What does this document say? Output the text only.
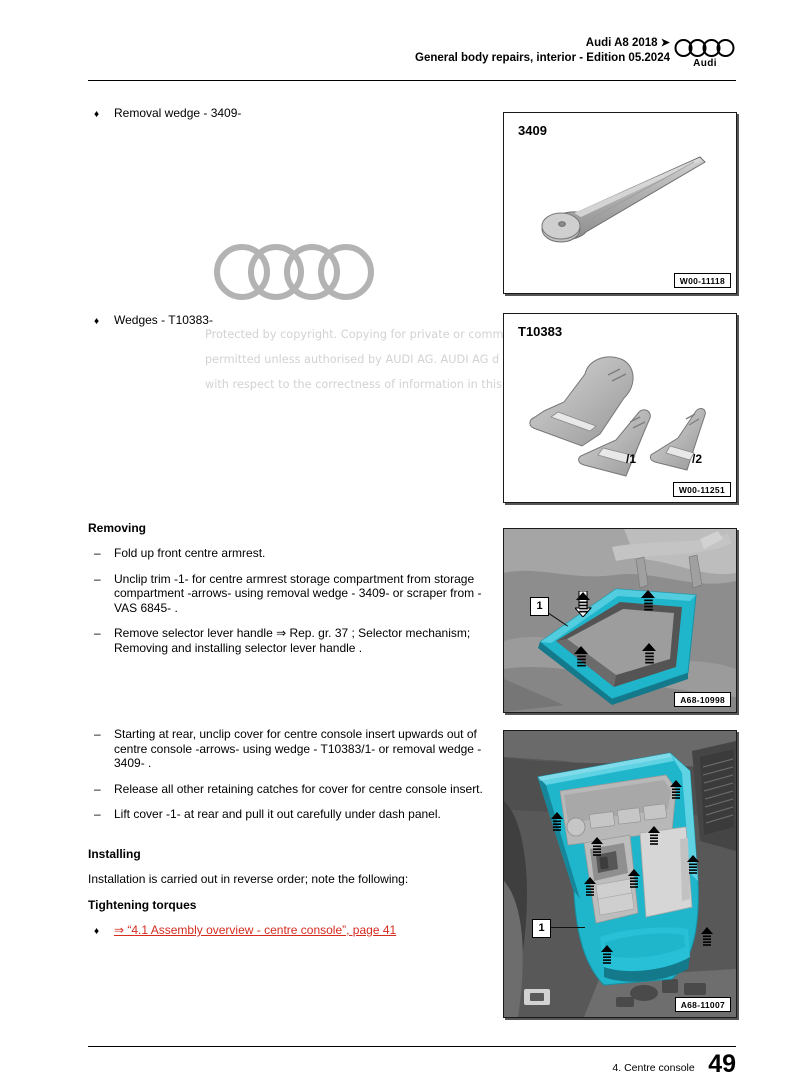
Audi A8 2018 ➤
General body repairs, interior - Edition 05.2024	Audi
♦ Removal wedge - 3409-
♦ Wedges - T10383-
Removing
– Fold up front centre armrest.
– Unclip trim -1- for centre armrest storage compartment from storage compartment -arrows- using removal wedge - 3409- or scraper from -VAS 6845- .
– Remove selector lever handle ⇒ Rep. gr. 37 ; Selector mechanism; Removing and installing selector lever handle .
– Starting at rear, unclip cover for centre console insert upwards out of centre console -arrows- using wedge - T10383/1- or removal wedge - 3409- .
– Release all other retaining catches for cover for centre console insert.
– Lift cover -1- at rear and pull it out carefully under dash panel.
Installing
Installation is carried out in reverse order; note the following:
Tightening torques
♦ ⇒ “4.1 Assembly overview - centre console”, page 41
Protected by copyright. Copying for private or comm
permitted unless authorised by AUDI AG. AUDI AG d
with respect to the correctness of information in this
3409
W00-11118
T10383
/1	/2
W00-11251
1
A68-10998
1
A68-11007
4. Centre console 49
